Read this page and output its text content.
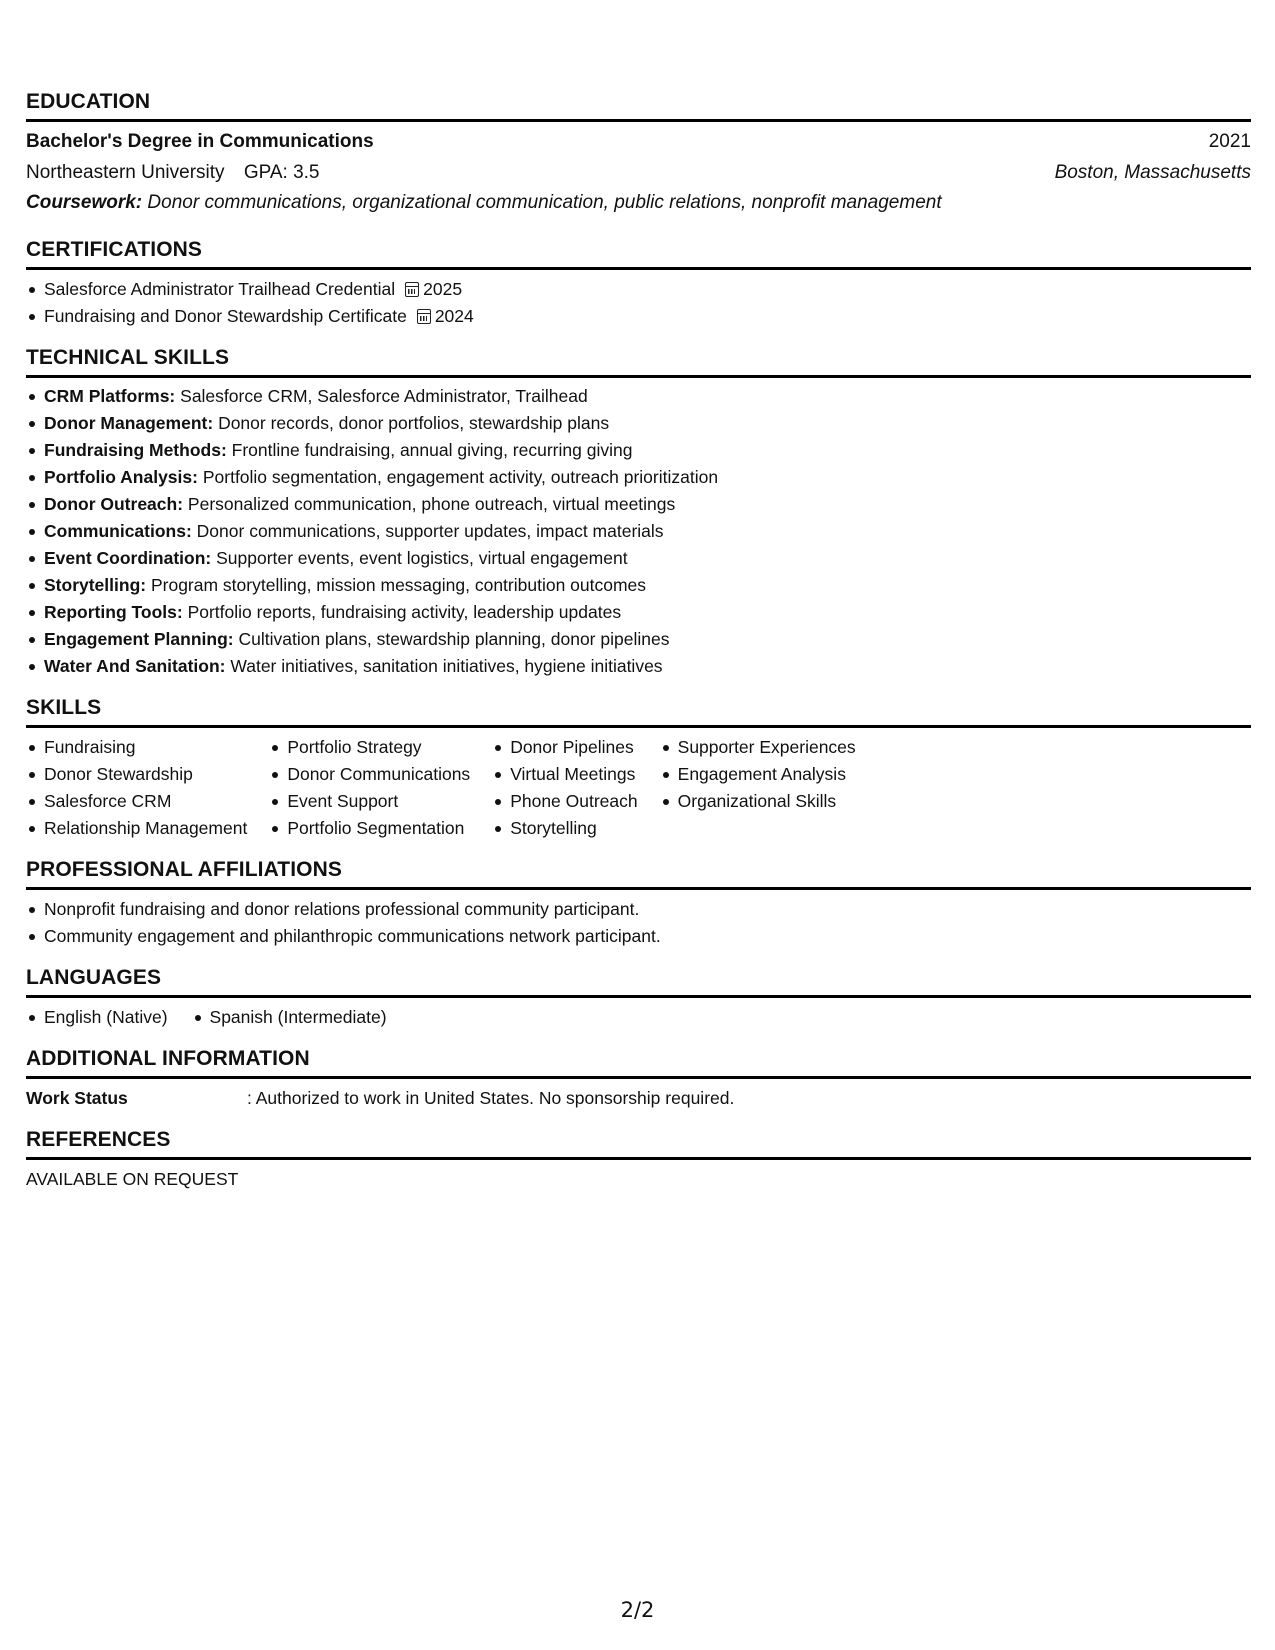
EDUCATION
Bachelor's Degree in Communications	2021
Northeastern University GPA: 3.5	Boston, Massachusetts
Coursework: Donor communications, organizational communication, public relations, nonprofit management
CERTIFICATIONS
Salesforce Administrator Trailhead Credential 2025
Fundraising and Donor Stewardship Certificate 2024
TECHNICAL SKILLS
CRM Platforms: Salesforce CRM, Salesforce Administrator, Trailhead
Donor Management: Donor records, donor portfolios, stewardship plans
Fundraising Methods: Frontline fundraising, annual giving, recurring giving
Portfolio Analysis: Portfolio segmentation, engagement activity, outreach prioritization
Donor Outreach: Personalized communication, phone outreach, virtual meetings
Communications: Donor communications, supporter updates, impact materials
Event Coordination: Supporter events, event logistics, virtual engagement
Storytelling: Program storytelling, mission messaging, contribution outcomes
Reporting Tools: Portfolio reports, fundraising activity, leadership updates
Engagement Planning: Cultivation plans, stewardship planning, donor pipelines
Water And Sanitation: Water initiatives, sanitation initiatives, hygiene initiatives
SKILLS
Fundraising
Donor Stewardship
Salesforce CRM
Relationship Management
Portfolio Strategy
Donor Communications
Event Support
Portfolio Segmentation
Donor Pipelines
Virtual Meetings
Phone Outreach
Storytelling
Supporter Experiences
Engagement Analysis
Organizational Skills
PROFESSIONAL AFFILIATIONS
Nonprofit fundraising and donor relations professional community participant.
Community engagement and philanthropic communications network participant.
LANGUAGES
English (Native)	Spanish (Intermediate)
ADDITIONAL INFORMATION
Work Status	: Authorized to work in United States. No sponsorship required.
REFERENCES
AVAILABLE ON REQUEST
2/2
